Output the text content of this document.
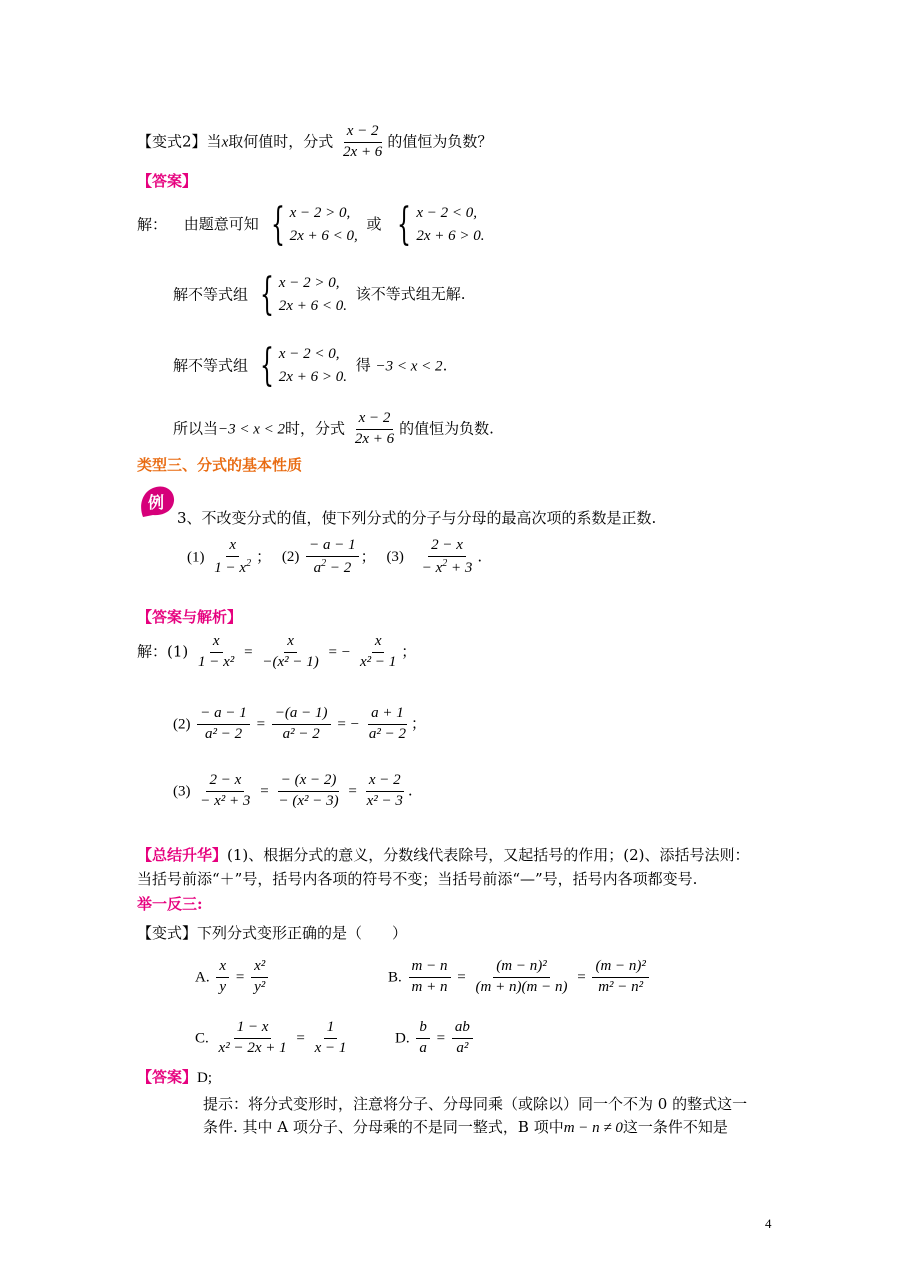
【变式2】当x取何值时，分式 $\frac{x - 2}{2x + 6}$ 的值恒为负数？
【答案】
解： 由题意可知 { x − 2 > 0,
2x + 6 < 0,
或 { x − 2 < 0,
2x + 6 > 0.
解不等式组 { x − 2 > 0,
2x + 6 < 0.
该不等式组无解.
解不等式组 { x − 2 < 0,
2x + 6 > 0.
得 −3 < x < 2.
所以当−3 < x < 2时，分式 $\frac{x - 2}{2x + 6}$ 的值恒为负数.
类型三、分式的基本性质
例
3、不改变分式的值，使下列分式的分子与分母的最高次项的系数是正数.
$(1) \frac{x}{1 - x^2}$ ； $(2) \frac{- a - 1}{a^2 - 2}$ ； $(3) \frac{2 - x}{- x^2 + 3}$ .
【答案与解析】
解：$(1) \frac{x}{\text{1 − x²}} = \frac{x}{\text{−(x² − 1)}}$ = − $\frac{x}{\text{x² − 1}}$ ；
$(2) \frac{- a - 1}{\text{a² − 2}} = \frac{-(a - 1)}{\text{a² − 2}}$ = − $\frac{a + 1}{\text{a² − 2}}$ ；
$(3) \frac{2 - x}{\text{− x² + 3}} = \frac{- (x - 2)}{\text{− (x² − 3)}} = \frac{x - 2}{\text{x² − 3}}$ .
【总结升华】(1)、根据分式的意义，分数线代表除号，又起括号的作用；(2)、添括号法则：
当括号前添“＋”号，括号内各项的符号不变；当括号前添“—”号，括号内各项都变号.
举一反三:
【变式】下列分式变形正确的是（　　）
A. $\frac{x}{y} = \frac{\text{x²}}{\text{y²}}$	B. $\frac{m - n}{m + n} = \frac{\text{(m − n)²}}{(m + n)(m - n)} = \frac{\text{(m − n)²}}{\text{m² − n²}}$
C. $\frac{1 - x}{\text{x² − 2x + 1}} = \frac{1}{x - 1}$	D. $\frac{b}{a} = \frac{ab}{\text{a²}}$
【答案】D;
提示：将分式变形时，注意将分子、分母同乘（或除以）同一个不为 0 的整式这一
条件. 其中 A 项分子、分母乘的不是同一整式，B 项中m − n ≠ 0这一条件不知是
4
